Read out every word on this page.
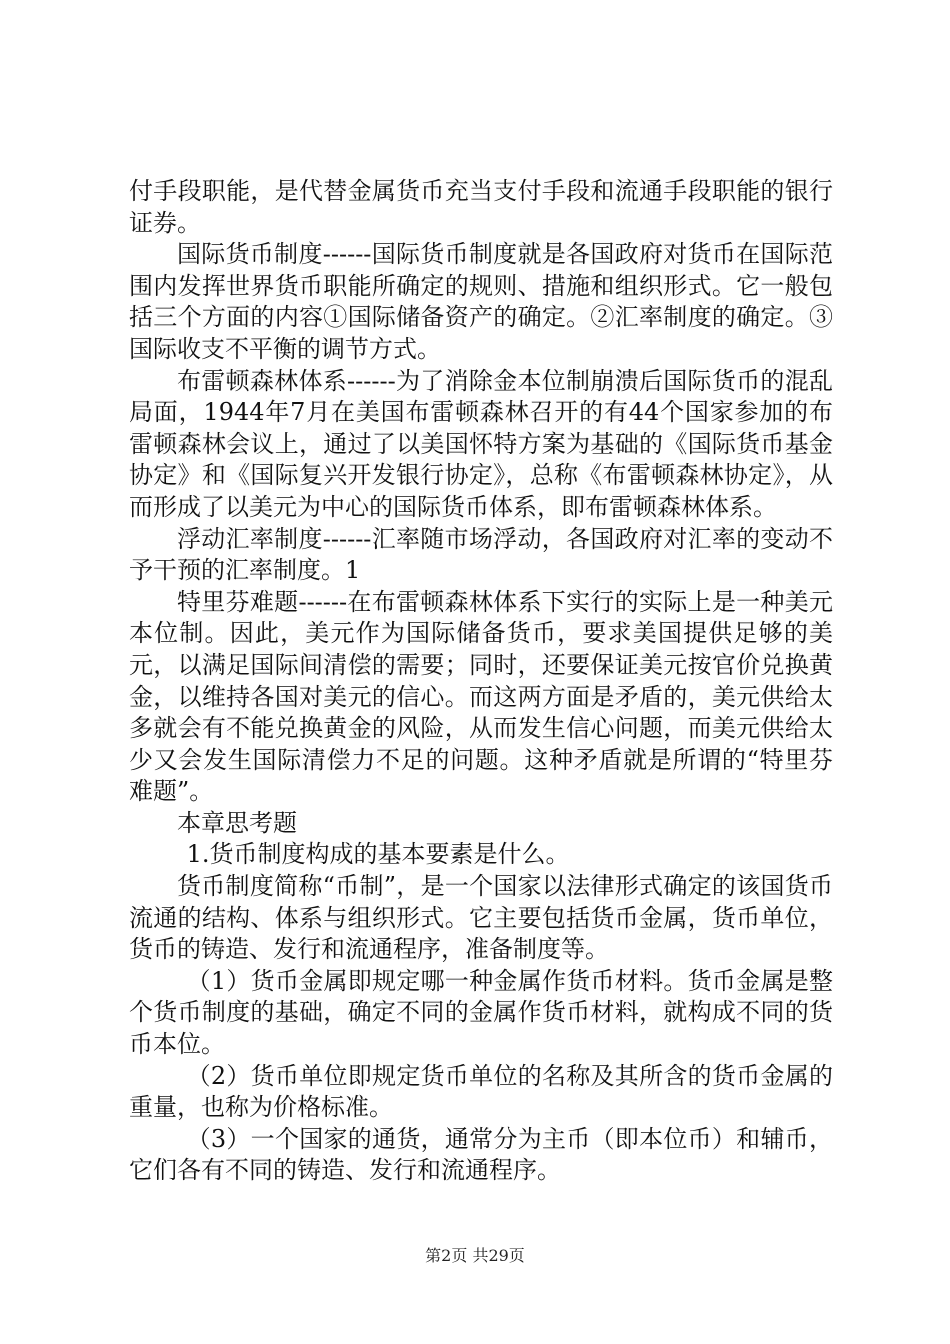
付手段职能，是代替金属货币充当支付手段和流通手段职能的银行证券。

国际货币制度------国际货币制度就是各国政府对货币在国际范围内发挥世界货币职能所确定的规则、措施和组织形式。它一般包括三个方面的内容①国际储备资产的确定。②汇率制度的确定。③国际收支不平衡的调节方式。

布雷顿森林体系------为了消除金本位制崩溃后国际货币的混乱局面，1944年7月在美国布雷顿森林召开的有44个国家参加的布雷顿森林会议上，通过了以美国怀特方案为基础的《国际货币基金协定》和《国际复兴开发银行协定》，总称《布雷顿森林协定》，从而形成了以美元为中心的国际货币体系，即布雷顿森林体系。

浮动汇率制度------汇率随市场浮动，各国政府对汇率的变动不予干预的汇率制度。1

特里芬难题------在布雷顿森林体系下实行的实际上是一种美元本位制。因此，美元作为国际储备货币，要求美国提供足够的美元，以满足国际间清偿的需要；同时，还要保证美元按官价兑换黄金，以维持各国对美元的信心。而这两方面是矛盾的，美元供给太多就会有不能兑换黄金的风险，从而发生信心问题，而美元供给太少又会发生国际清偿力不足的问题。这种矛盾就是所谓的“特里芬难题”。

本章思考题

1.货币制度构成的基本要素是什么。

货币制度简称“币制”，是一个国家以法律形式确定的该国货币流通的结构、体系与组织形式。它主要包括货币金属，货币单位，货币的铸造、发行和流通程序，准备制度等。

（1）货币金属即规定哪一种金属作货币材料。货币金属是整个货币制度的基础，确定不同的金属作货币材料，就构成不同的货币本位。

（2）货币单位即规定货币单位的名称及其所含的货币金属的重量，也称为价格标准。

（3）一个国家的通货，通常分为主币（即本位币）和辅币，它们各有不同的铸造、发行和流通程序。

第2页 共29页
